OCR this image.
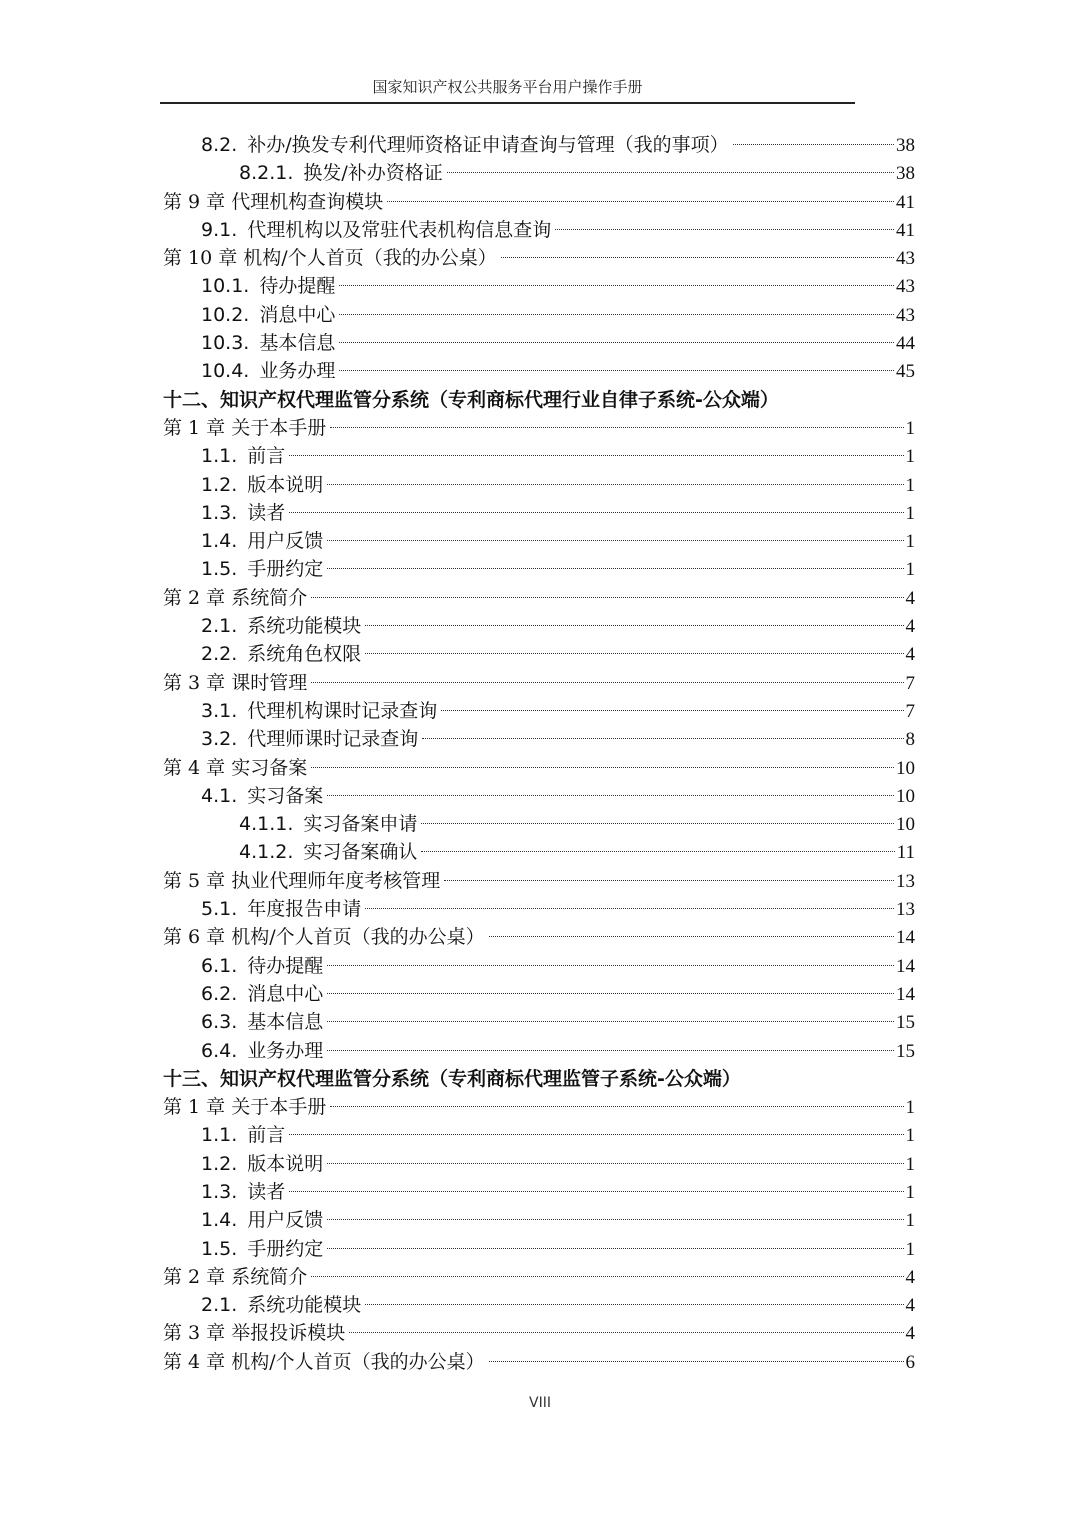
国家知识产权公共服务平台用户操作手册
8.2. 补办/换发专利代理师资格证申请查询与管理（我的事项）	38
8.2.1. 换发/补办资格证	38
第 9 章 代理机构查询模块	41
9.1. 代理机构以及常驻代表机构信息查询	41
第 10 章 机构/个人首页（我的办公桌）	43
10.1. 待办提醒	43
10.2. 消息中心	43
10.3. 基本信息	44
10.4. 业务办理	45
十二、知识产权代理监管分系统（专利商标代理行业自律子系统-公众端）
第 1 章 关于本手册	1
1.1. 前言	1
1.2. 版本说明	1
1.3. 读者	1
1.4. 用户反馈	1
1.5. 手册约定	1
第 2 章 系统简介	4
2.1. 系统功能模块	4
2.2. 系统角色权限	4
第 3 章 课时管理	7
3.1. 代理机构课时记录查询	7
3.2. 代理师课时记录查询	8
第 4 章 实习备案	10
4.1. 实习备案	10
4.1.1. 实习备案申请	10
4.1.2. 实习备案确认	11
第 5 章 执业代理师年度考核管理	13
5.1. 年度报告申请	13
第 6 章 机构/个人首页（我的办公桌）	14
6.1. 待办提醒	14
6.2. 消息中心	14
6.3. 基本信息	15
6.4. 业务办理	15
十三、知识产权代理监管分系统（专利商标代理监管子系统-公众端）
第 1 章 关于本手册	1
1.1. 前言	1
1.2. 版本说明	1
1.3. 读者	1
1.4. 用户反馈	1
1.5. 手册约定	1
第 2 章 系统简介	4
2.1. 系统功能模块	4
第 3 章 举报投诉模块	4
第 4 章 机构/个人首页（我的办公桌）	6
VIII
